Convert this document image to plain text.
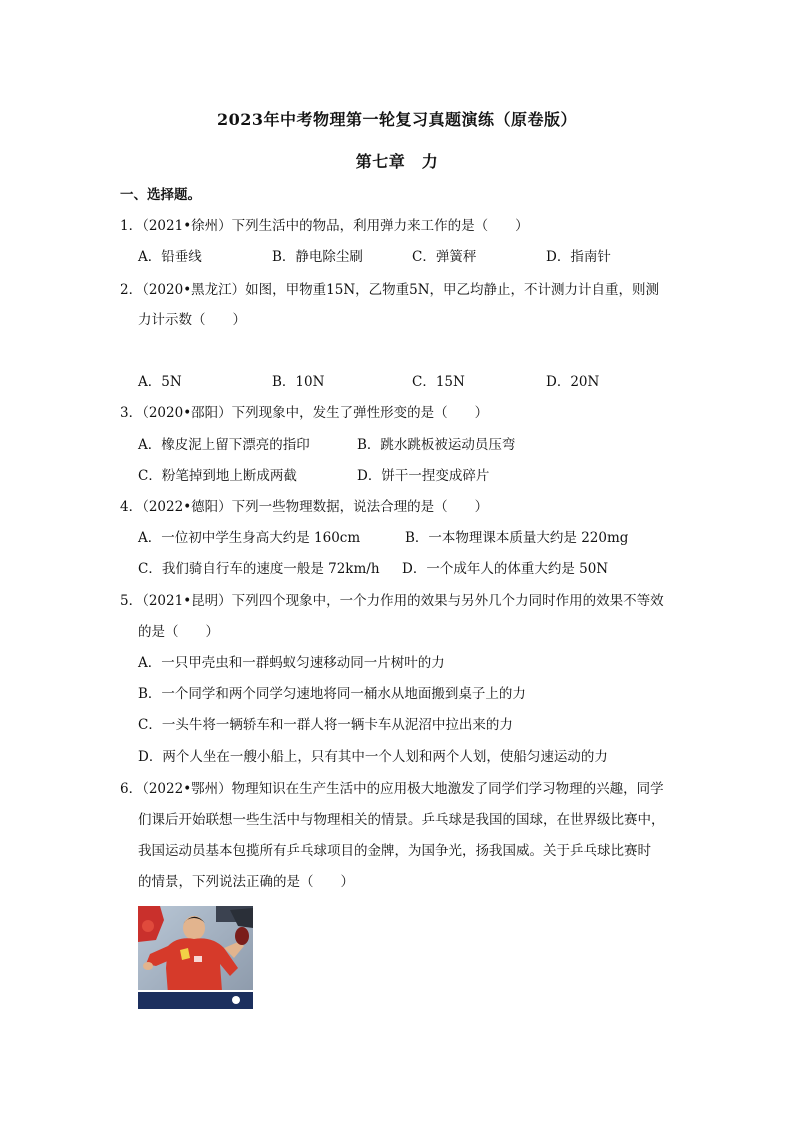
2023年中考物理第一轮复习真题演练（原卷版）
第七章　力
一、选择题。
1．（2021•徐州）下列生活中的物品，利用弹力来工作的是（　　）
A．铅垂线	B．静电除尘刷	C．弹簧秤	D．指南针
2．（2020•黑龙江）如图，甲物重15N，乙物重5N，甲乙均静止，不计测力计自重，则测
力计示数（　　）
A．5N	B．10N	C．15N	D．20N
3．（2020•邵阳）下列现象中，发生了弹性形变的是（　　）
A．橡皮泥上留下漂亮的指印	B．跳水跳板被运动员压弯
C．粉笔掉到地上断成两截	D．饼干一捏变成碎片
4．（2022•德阳）下列一些物理数据，说法合理的是（　　）
A．一位初中学生身高大约是 160cm	B．一本物理课本质量大约是 220mg
C．我们骑自行车的速度一般是 72km/h D．一个成年人的体重大约是 50N
5．（2021•昆明）下列四个现象中，一个力作用的效果与另外几个力同时作用的效果不等效
的是（　　）
A．一只甲壳虫和一群蚂蚁匀速移动同一片树叶的力
B．一个同学和两个同学匀速地将同一桶水从地面搬到桌子上的力
C．一头牛将一辆轿车和一群人将一辆卡车从泥沼中拉出来的力
D．两个人坐在一艘小船上，只有其中一个人划和两个人划，使船匀速运动的力
6．（2022•鄂州）物理知识在生产生活中的应用极大地激发了同学们学习物理的兴趣，同学
们课后开始联想一些生活中与物理相关的情景。乒乓球是我国的国球，在世界级比赛中，
我国运动员基本包揽所有乒乓球项目的金牌，为国争光，扬我国威。关于乒乓球比赛时
的情景，下列说法正确的是（　　）
